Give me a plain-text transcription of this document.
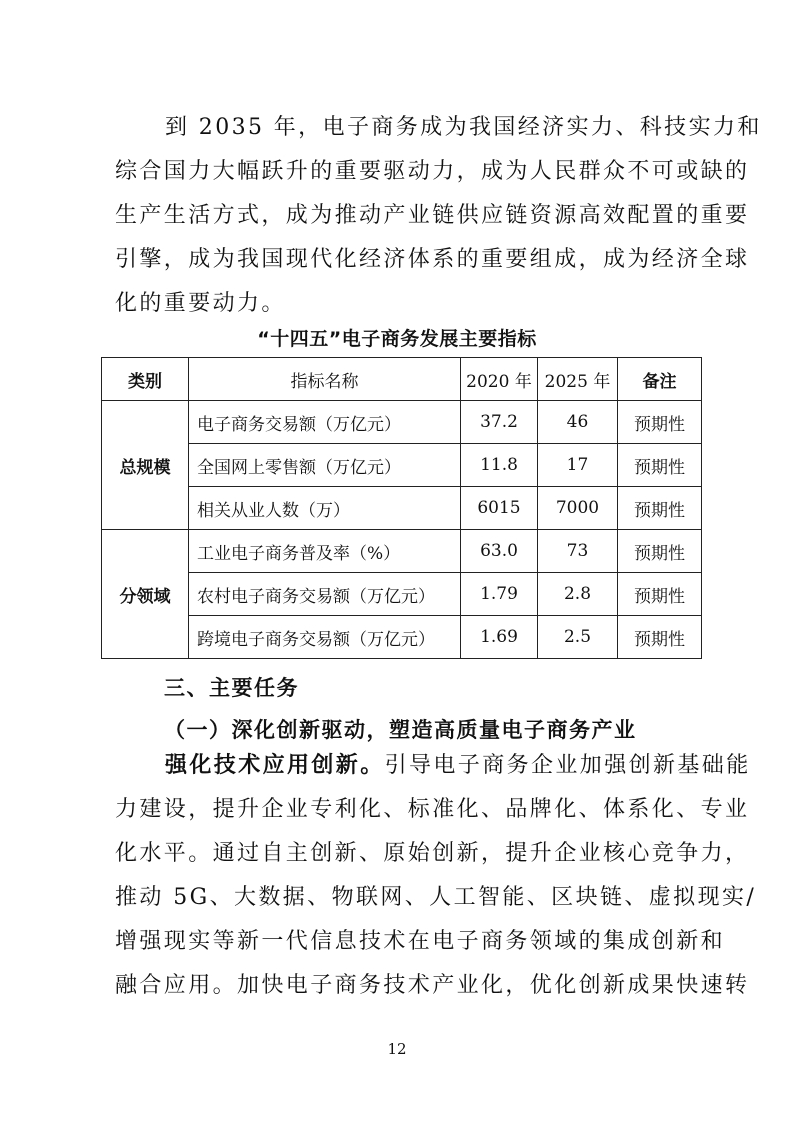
到 2035 年，电子商务成为我国经济实力、科技实力和
综合国力大幅跃升的重要驱动力，成为人民群众不可或缺的
生产生活方式，成为推动产业链供应链资源高效配置的重要
引擎，成为我国现代化经济体系的重要组成，成为经济全球
化的重要动力。
“十四五”电子商务发展主要指标
类别	指标名称	2020 年	2025 年	备注
总规模	电子商务交易额（万亿元）	37.2	46	预期性
	全国网上零售额（万亿元）	11.8	17	预期性
	相关从业人数（万）	6015	7000	预期性
分领域	工业电子商务普及率（%）	63.0	73	预期性
	农村电子商务交易额（万亿元）	1.79	2.8	预期性
	跨境电子商务交易额（万亿元）	1.69	2.5	预期性
三、主要任务
（一）深化创新驱动，塑造高质量电子商务产业
强化技术应用创新。引导电子商务企业加强创新基础能
力建设，提升企业专利化、标准化、品牌化、体系化、专业
化水平。通过自主创新、原始创新，提升企业核心竞争力，
推动 5G、大数据、物联网、人工智能、区块链、虚拟现实/
增强现实等新一代信息技术在电子商务领域的集成创新和
融合应用。加快电子商务技术产业化，优化创新成果快速转
12
